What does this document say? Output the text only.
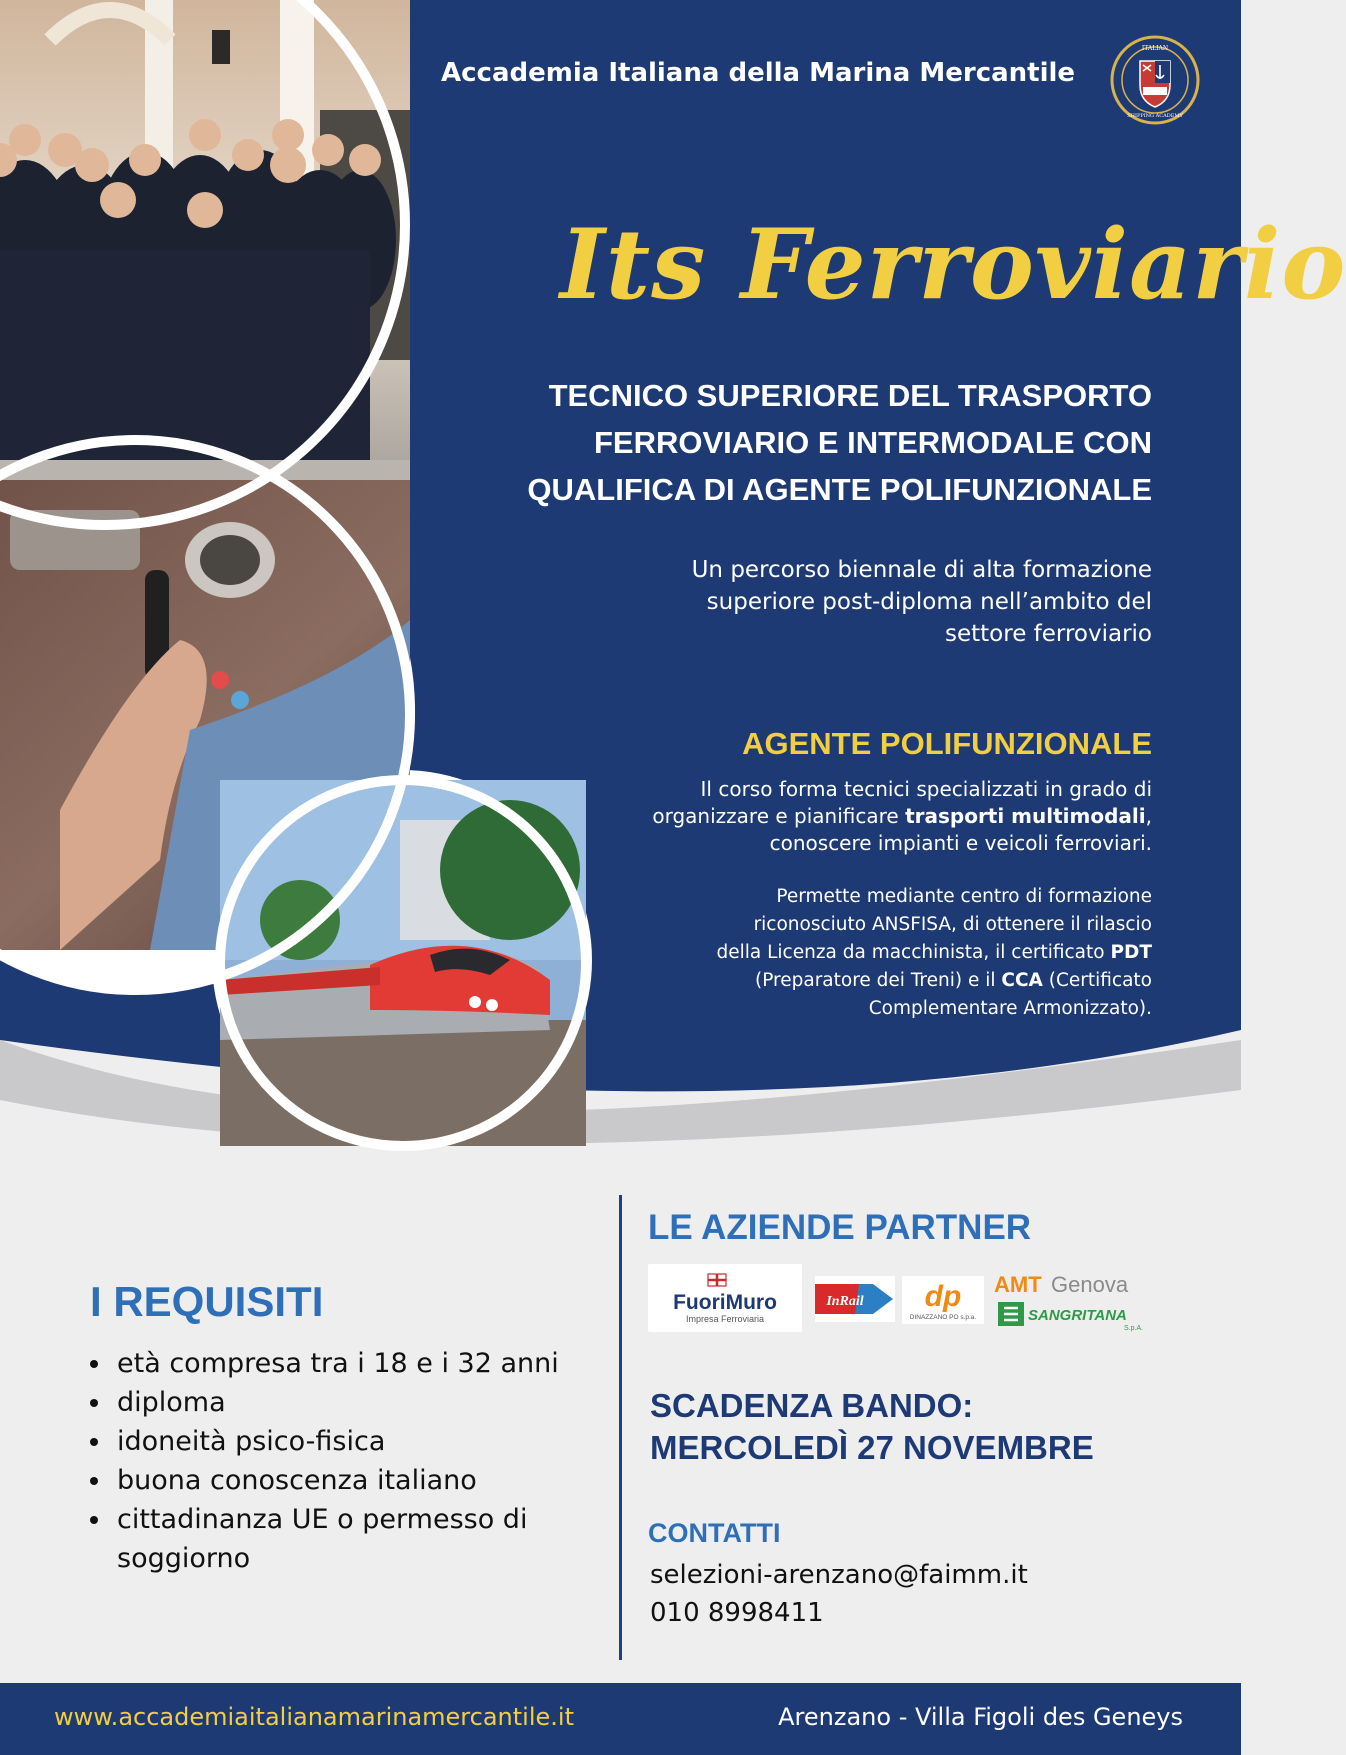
Accademia Italiana della Marina Mercantile
ITALIAN
SHIPPING ACADEMY
Its Ferroviario
TECNICO SUPERIORE DEL TRASPORTO
FERROVIARIO E INTERMODALE CON
QUALIFICA DI AGENTE POLIFUNZIONALE
Un percorso biennale di alta formazione
superiore post-diploma nell’ambito del
settore ferroviario
AGENTE POLIFUNZIONALE
Il corso forma tecnici specializzati in grado di
organizzare e pianificare trasporti multimodali,
conoscere impianti e veicoli ferroviari.
Permette mediante centro di formazione
riconosciuto ANSFISA, di ottenere il rilascio
della Licenza da macchinista, il certificato PDT
(Preparatore dei Treni) e il CCA (Certificato
Complementare Armonizzato).
I REQUISITI
età compresa tra i 18 e i 32 anni
diploma
idoneità psico-fisica
buona conoscenza italiano
cittadinanza UE o permesso di soggiorno
LE AZIENDE PARTNER
FuoriMuro
Impresa Ferroviaria
InRail dp
DINAZZANO PO s.p.a.
AMT Genova
SANGRITANA
S.p.A.
SCADENZA BANDO:
MERCOLEDÌ 27 NOVEMBRE
CONTATTI
selezioni-arenzano@faimm.it
010 8998411
www.accademiaitalianamarinamercantile.it	Arenzano - Villa Figoli des Geneys
